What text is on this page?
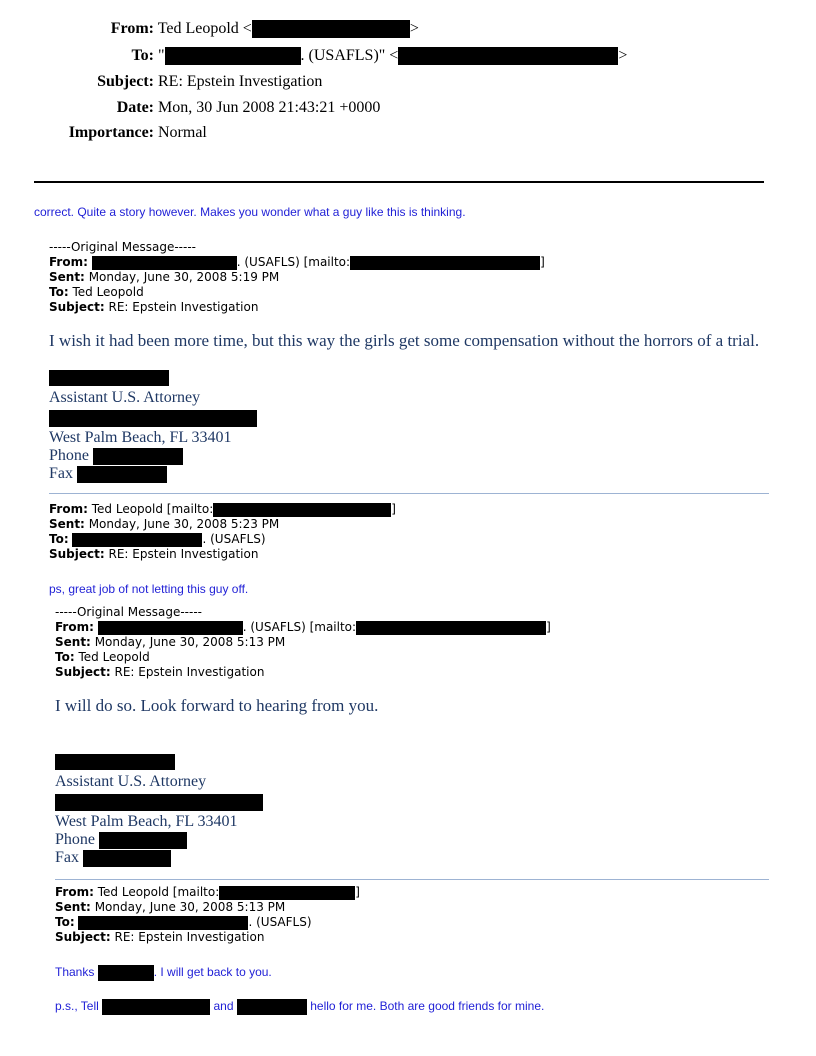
From: Ted Leopold <	>
To: "	. (USAFLS)" <	>
Subject: RE: Epstein Investigation
Date: Mon, 30 Jun 2008 21:43:21 +0000
Importance: Normal
correct. Quite a story however. Makes you wonder what a guy like this is thinking.
-----Original Message-----
From:	. (USAFLS) [mailto:	]
Sent: Monday, June 30, 2008 5:19 PM
To: Ted Leopold
Subject: RE: Epstein Investigation
I wish it had been more time, but this way the girls get some compensation without the horrors of a trial.
Assistant U.S. Attorney
West Palm Beach, FL 33401
Phone
Fax
From: Ted Leopold [mailto:	]
Sent: Monday, June 30, 2008 5:23 PM
To:	. (USAFLS)
Subject: RE: Epstein Investigation
ps, great job of not letting this guy off.
-----Original Message-----
From:	. (USAFLS) [mailto:	]
Sent: Monday, June 30, 2008 5:13 PM
To: Ted Leopold
Subject: RE: Epstein Investigation
I will do so. Look forward to hearing from you.
Assistant U.S. Attorney
West Palm Beach, FL 33401
Phone
Fax
From: Ted Leopold [mailto:	]
Sent: Monday, June 30, 2008 5:13 PM
To:	. (USAFLS)
Subject: RE: Epstein Investigation
Thanks	. I will get back to you.
p.s., Tell	and	hello for me. Both are good friends for mine.
